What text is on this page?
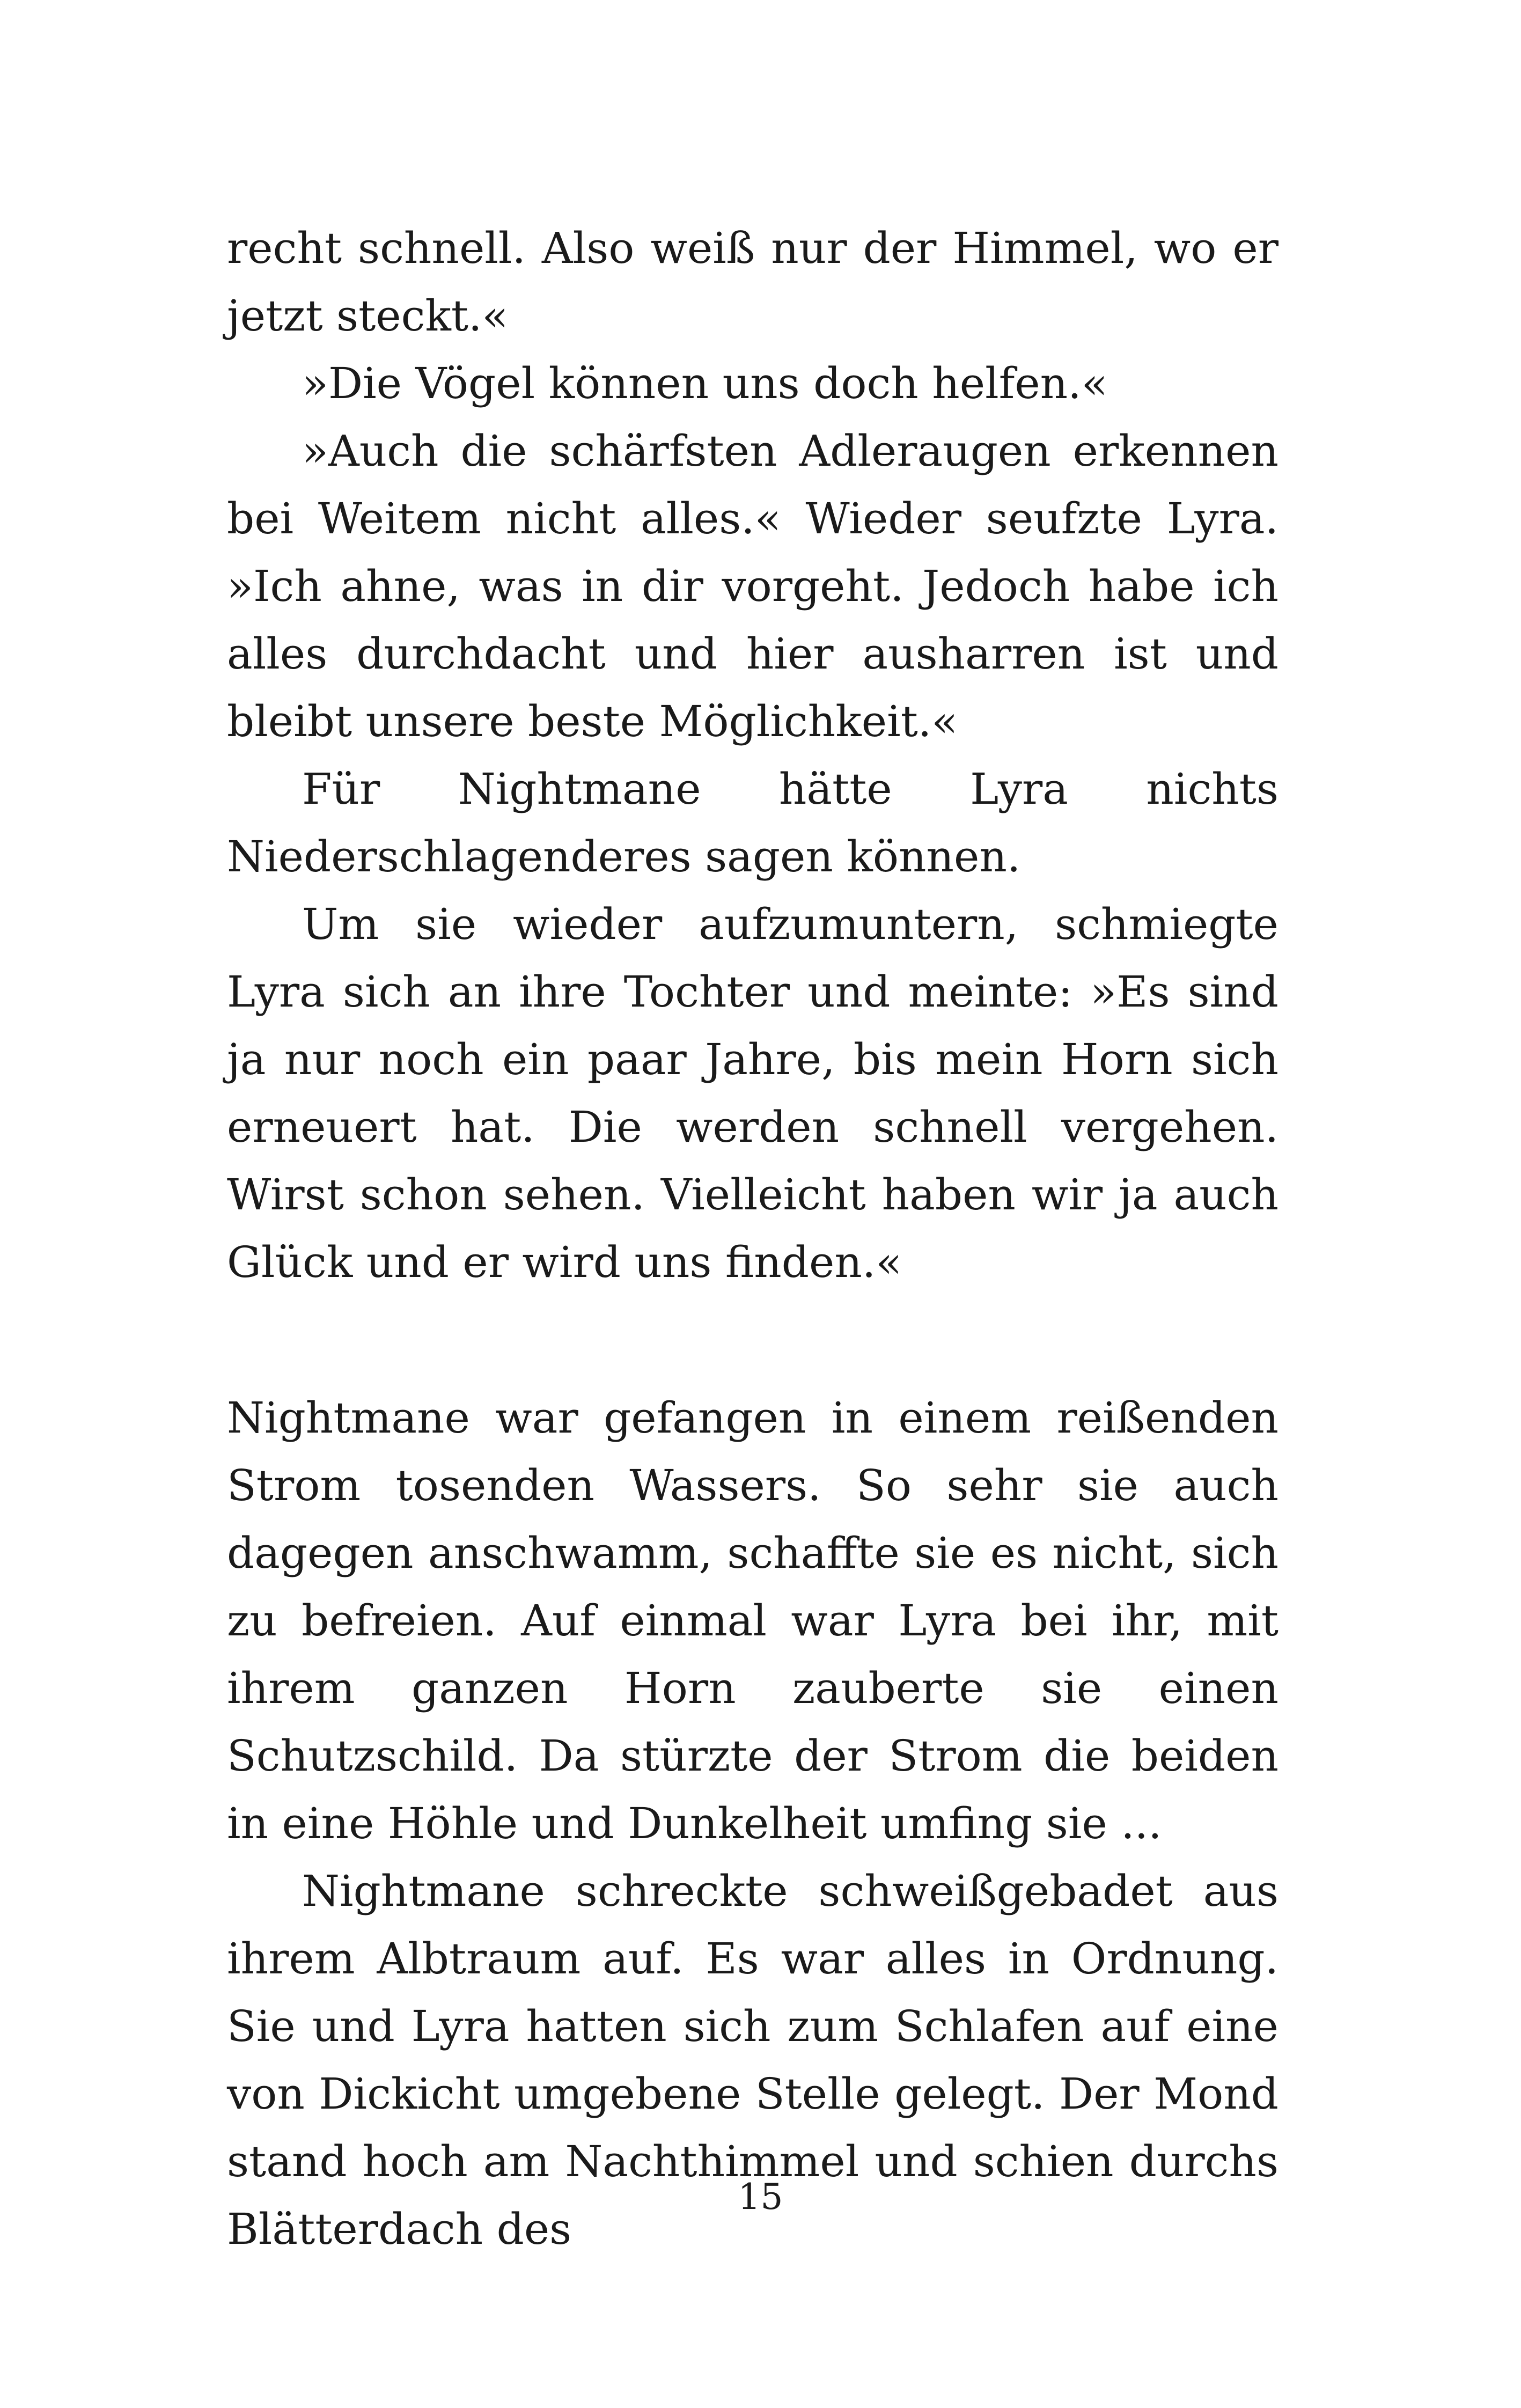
recht schnell. Also weiß nur der Himmel, wo er jetzt steckt.«

»Die Vögel können uns doch helfen.«

»Auch die schärfsten Adleraugen erkennen bei Weitem nicht alles.« Wieder seufzte Lyra. »Ich ahne, was in dir vorgeht. Jedoch habe ich alles durchdacht und hier ausharren ist und bleibt unsere beste Möglichkeit.«

Für Nightmane hätte Lyra nichts Niederschlagenderes sagen können.

Um sie wieder aufzumuntern, schmiegte Lyra sich an ihre Tochter und meinte: »Es sind ja nur noch ein paar Jahre, bis mein Horn sich erneuert hat. Die werden schnell vergehen. Wirst schon sehen. Vielleicht haben wir ja auch Glück und er wird uns finden.«

Nightmane war gefangen in einem reißenden Strom tosenden Wassers. So sehr sie auch dagegen anschwamm, schaffte sie es nicht, sich zu befreien. Auf einmal war Lyra bei ihr, mit ihrem ganzen Horn zauberte sie einen Schutzschild. Da stürzte der Strom die beiden in eine Höhle und Dunkelheit umfing sie ...

Nightmane schreckte schweißgebadet aus ihrem Albtraum auf. Es war alles in Ordnung. Sie und Lyra hatten sich zum Schlafen auf eine von Dickicht umgebene Stelle gelegt. Der Mond stand hoch am Nachthimmel und schien durchs Blätterdach des

15
